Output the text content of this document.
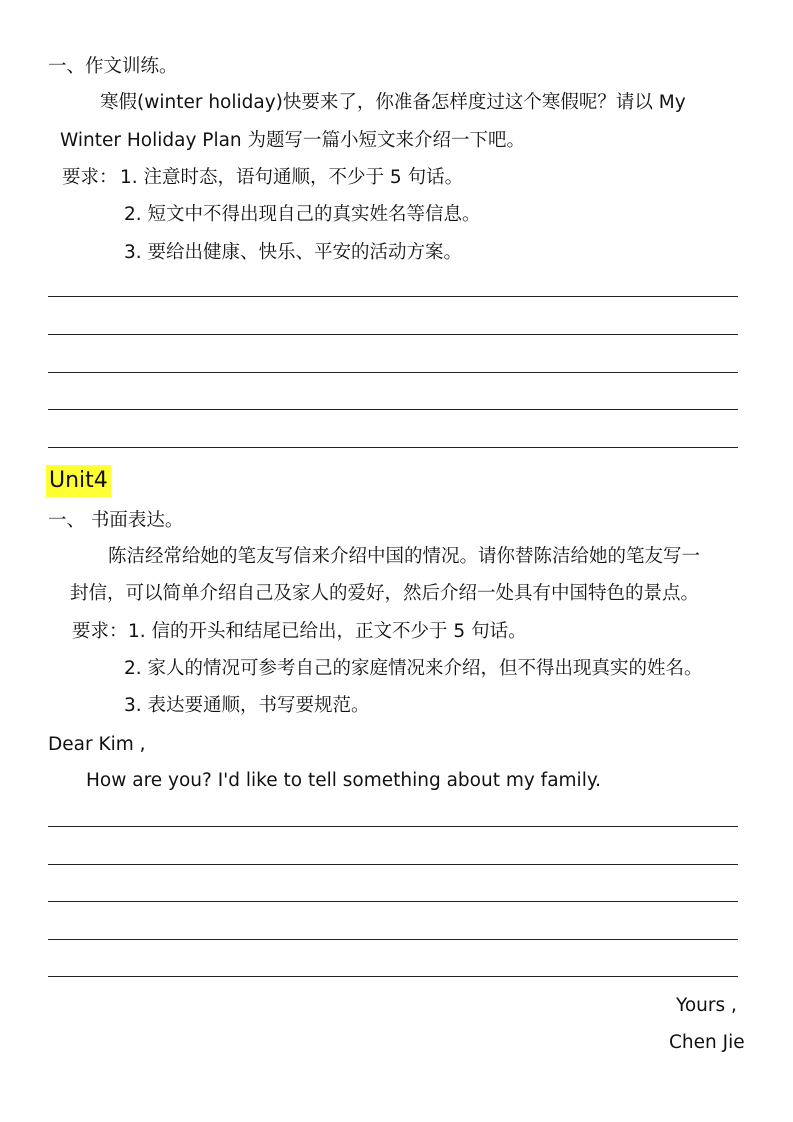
一、作文训练。
寒假(winter holiday)快要来了，你准备怎样度过这个寒假呢？请以 My
Winter Holiday Plan 为题写一篇小短文来介绍一下吧。
要求： 1. 注意时态，语句通顺，不少于 5 句话。
2. 短文中不得出现自己的真实姓名等信息。
3. 要给出健康、快乐、平安的活动方案。
Unit4
一、 书面表达。
陈洁经常给她的笔友写信来介绍中国的情况。请你替陈洁给她的笔友写一
封信，可以简单介绍自己及家人的爱好，然后介绍一处具有中国特色的景点。
要求： 1. 信的开头和结尾已给出，正文不少于 5 句话。
2. 家人的情况可参考自己的家庭情况来介绍，但不得出现真实的姓名。
3. 表达要通顺，书写要规范。
Dear Kim ,
How are you? I'd like to tell something about my family.
Yours ,
Chen Jie
